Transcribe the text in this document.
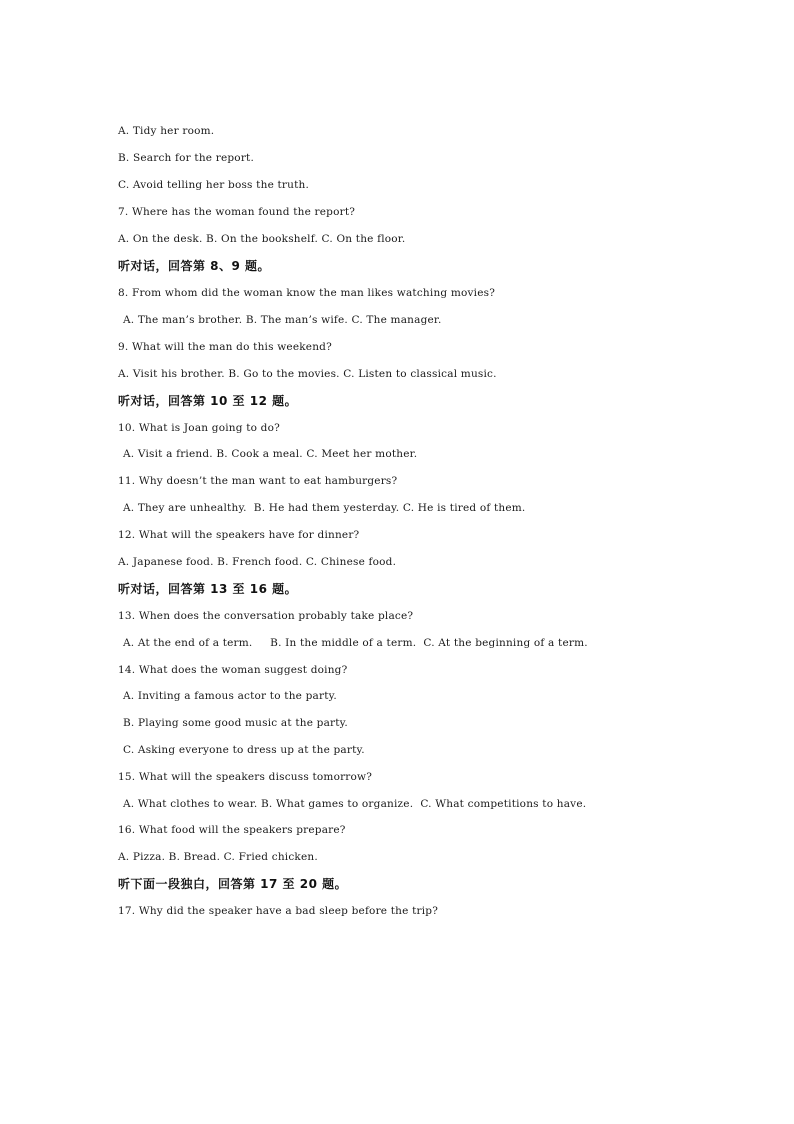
A. Tidy her room.
B. Search for the report.
C. Avoid telling her boss the truth.
7. Where has the woman found the report?
A. On the desk. B. On the bookshelf. C. On the floor.
听对话，回答第 8、9 题。
8. From whom did the woman know the man likes watching movies?
A. The man’s brother. B. The man’s wife. C. The manager.
9. What will the man do this weekend?
A. Visit his brother. B. Go to the movies. C. Listen to classical music.
听对话，回答第 10 至 12 题。
10. What is Joan going to do?
A. Visit a friend. B. Cook a meal. C. Meet her mother.
11. Why doesn’t the man want to eat hamburgers?
A. They are unhealthy.  B. He had them yesterday. C. He is tired of them.
12. What will the speakers have for dinner?
A. Japanese food. B. French food. C. Chinese food.
听对话，回答第 13 至 16 题。
13. When does the conversation probably take place?
A. At the end of a term.     B. In the middle of a term.  C. At the beginning of a term.
14. What does the woman suggest doing?
A. Inviting a famous actor to the party.
B. Playing some good music at the party.
C. Asking everyone to dress up at the party.
15. What will the speakers discuss tomorrow?
A. What clothes to wear. B. What games to organize.  C. What competitions to have.
16. What food will the speakers prepare?
A. Pizza. B. Bread. C. Fried chicken.
听下面一段独白，回答第 17 至 20 题。
17. Why did the speaker have a bad sleep before the trip?
